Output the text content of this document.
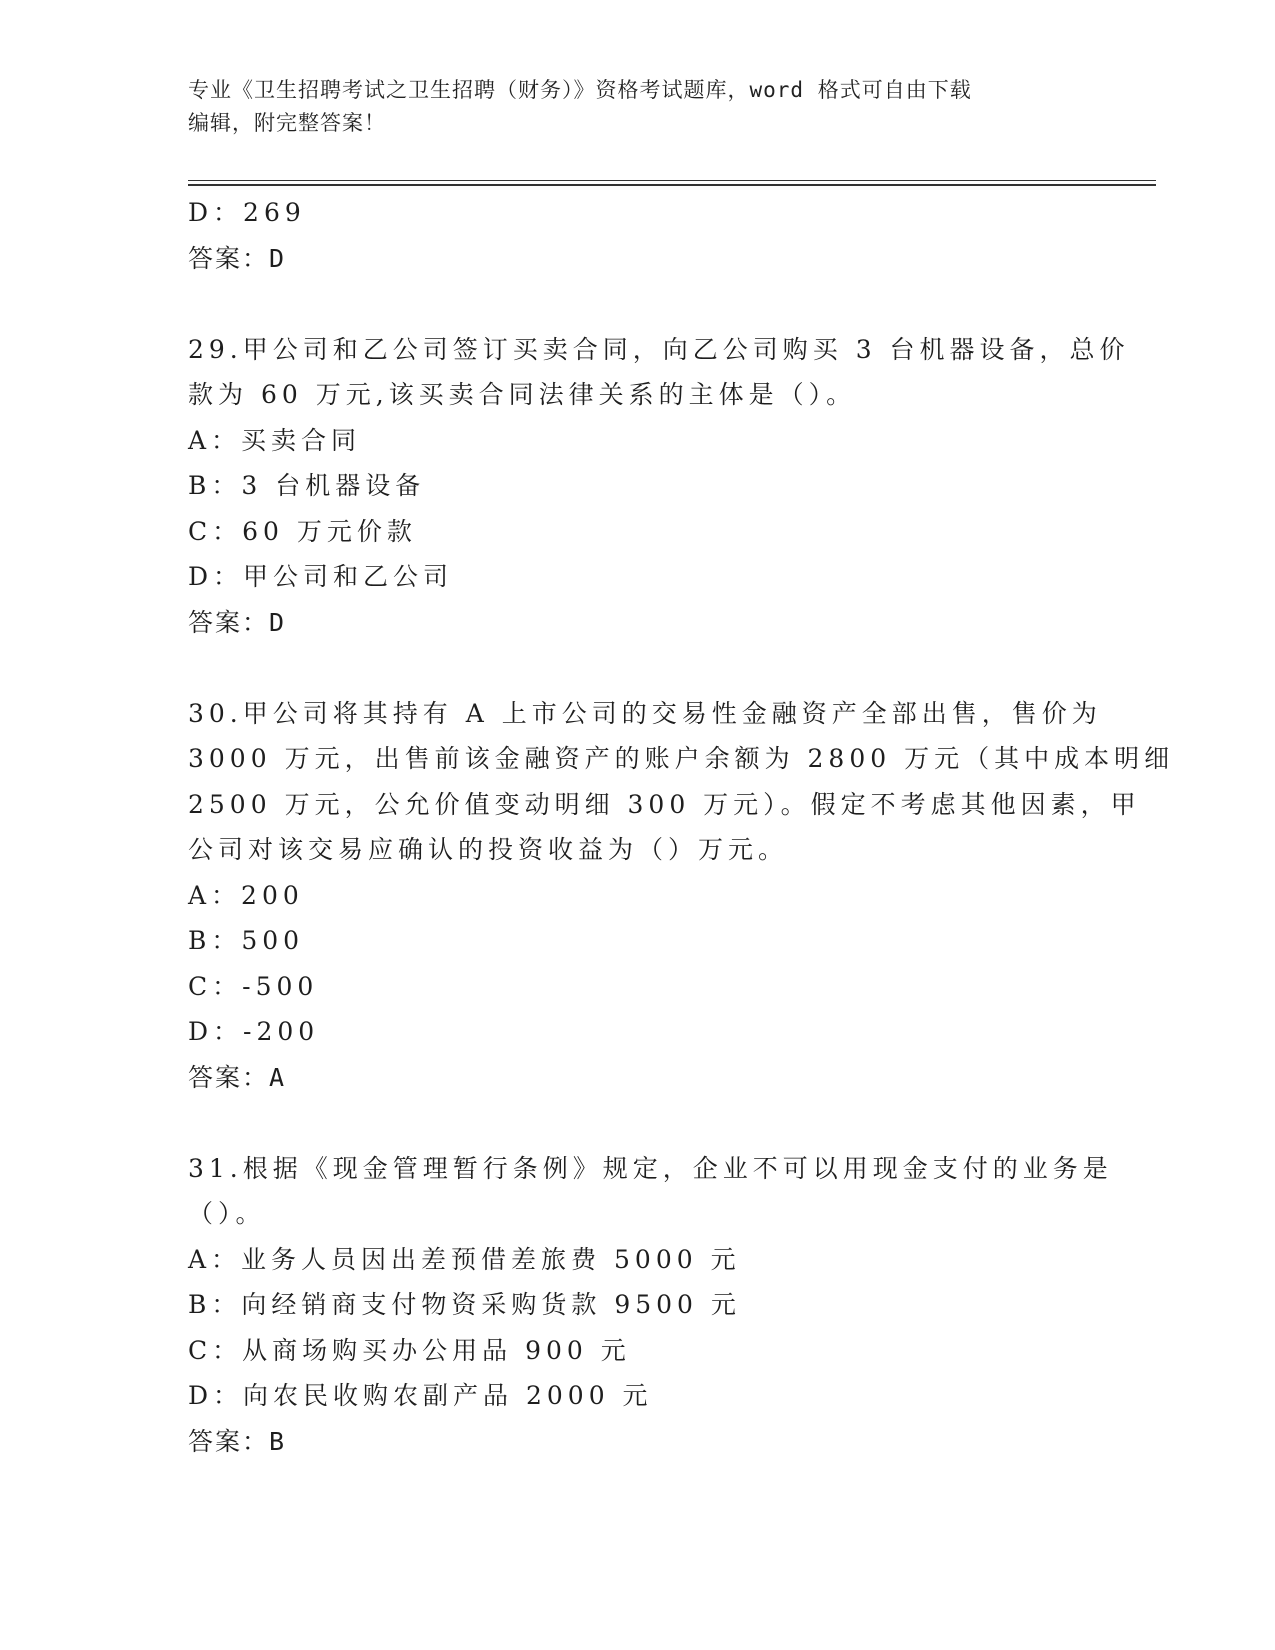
专业《卫生招聘考试之卫生招聘（财务）》资格考试题库，word 格式可自由下载
编辑，附完整答案！
D：269
答案：D
29.甲公司和乙公司签订买卖合同，向乙公司购买 3 台机器设备，总价
款为 60 万元,该买卖合同法律关系的主体是（）。
A：买卖合同
B：3 台机器设备
C：60 万元价款
D：甲公司和乙公司
答案：D
30.甲公司将其持有 A 上市公司的交易性金融资产全部出售，售价为
3000 万元，出售前该金融资产的账户余额为 2800 万元（其中成本明细
2500 万元，公允价值变动明细 300 万元）。假定不考虑其他因素，甲
公司对该交易应确认的投资收益为（）万元。
A：200
B：500
C：-500
D：-200
答案：A
31.根据《现金管理暂行条例》规定，企业不可以用现金支付的业务是
（）。
A：业务人员因出差预借差旅费 5000 元
B：向经销商支付物资采购货款 9500 元
C：从商场购买办公用品 900 元
D：向农民收购农副产品 2000 元
答案：B
